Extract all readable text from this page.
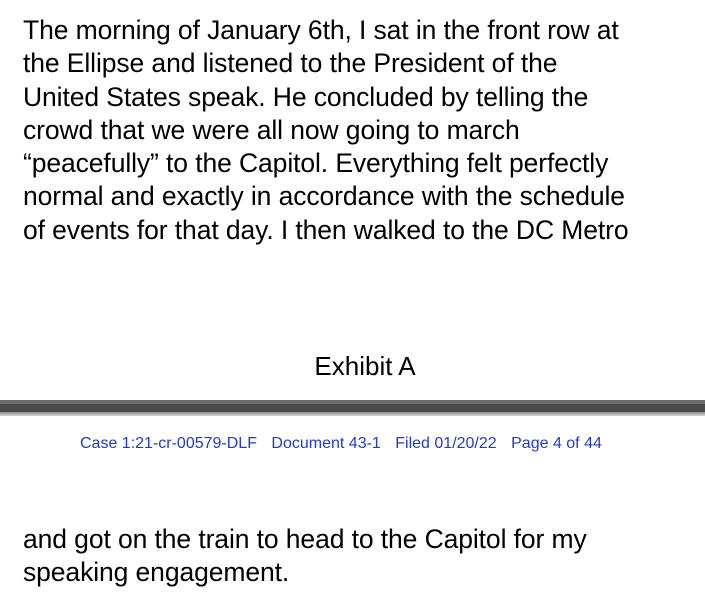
The morning of January 6th, I sat in the front row at
the Ellipse and listened to the President of the
United States speak. He concluded by telling the
crowd that we were all now going to march
“peacefully” to the Capitol. Everything felt perfectly
normal and exactly in accordance with the schedule
of events for that day. I then walked to the DC Metro

Exhibit A
Case 1:21-cr-00579-DLF Document 43-1 Filed 01/20/22 Page 4 of 44

and got on the train to head to the Capitol for my
speaking engagement.
